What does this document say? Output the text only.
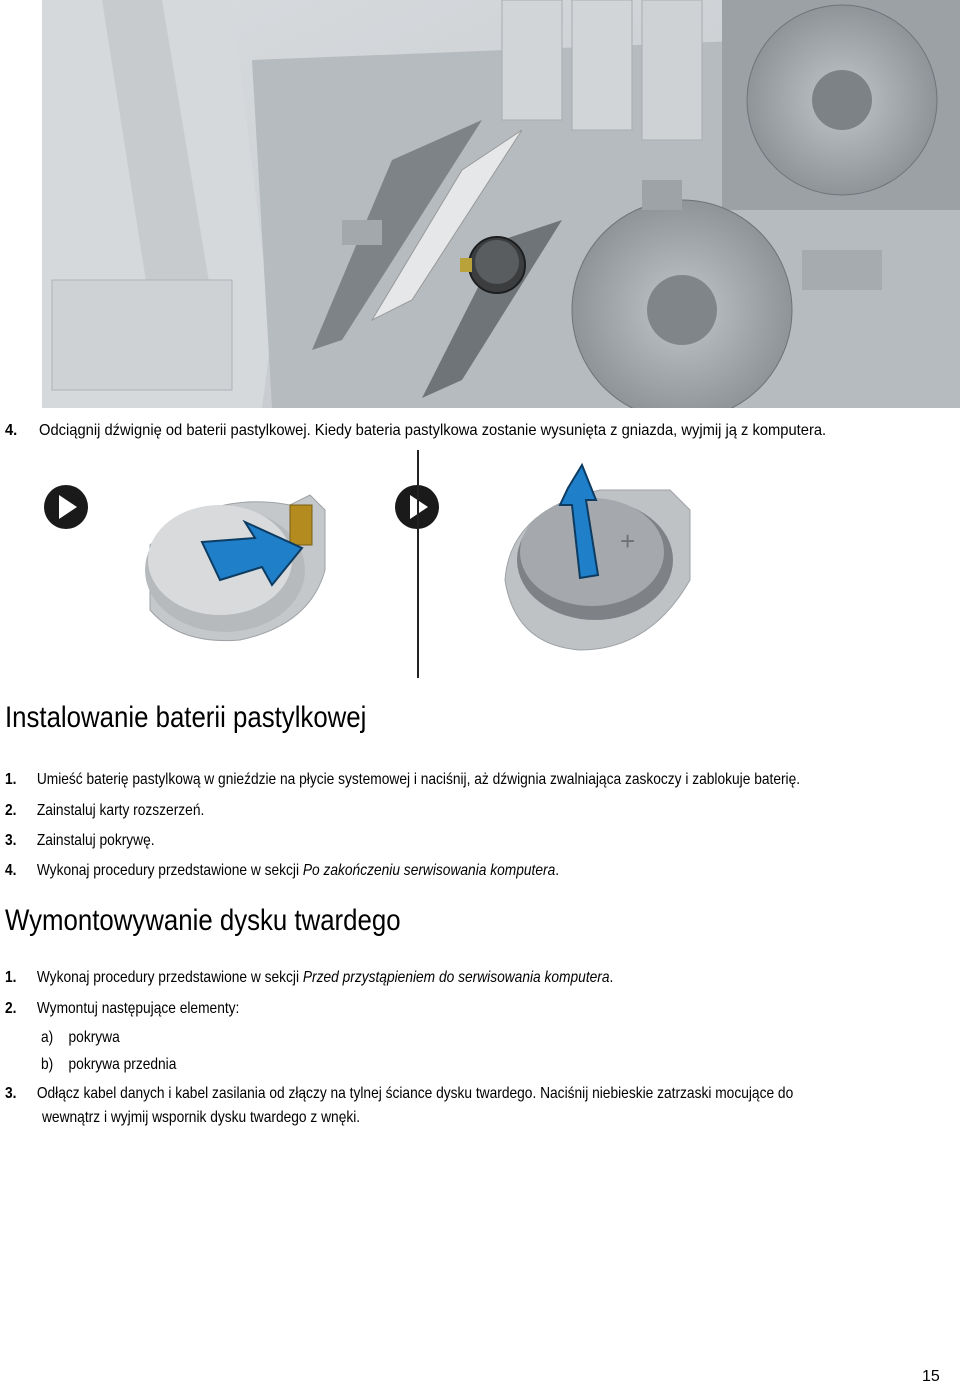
4. Odciągnij dźwignię od baterii pastylkowej. Kiedy bateria pastylkowa zostanie wysunięta z gniazda, wyjmij ją z komputera.
+
Instalowanie baterii pastylkowej
1. Umieść baterię pastylkową w gnieździe na płycie systemowej i naciśnij, aż dźwignia zwalniająca zaskoczy i zablokuje baterię.
2. Zainstaluj karty rozszerzeń.
3. Zainstaluj pokrywę.
4. Wykonaj procedury przedstawione w sekcji Po zakończeniu serwisowania komputera.
Wymontowywanie dysku twardego
1. Wykonaj procedury przedstawione w sekcji Przed przystąpieniem do serwisowania komputera.
2. Wymontuj następujące elementy:
a) pokrywa
b) pokrywa przednia
3. Odłącz kabel danych i kabel zasilania od złączy na tylnej ściance dysku twardego. Naciśnij niebieskie zatrzaski mocujące do
wewnątrz i wyjmij wspornik dysku twardego z wnęki.
15
